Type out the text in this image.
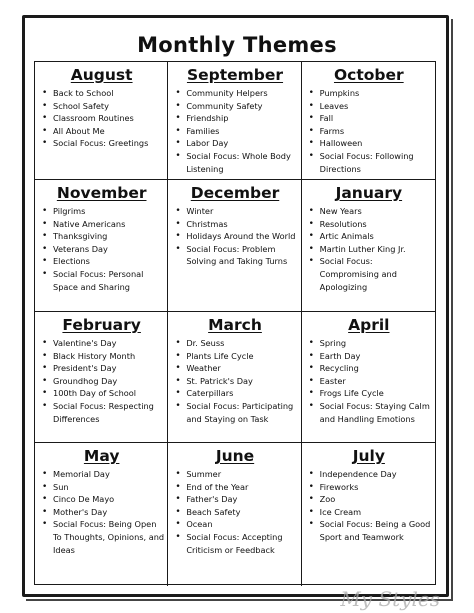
Monthly Themes
August
• Back to School
• School Safety
• Classroom Routines
• All About Me
• Social Focus: Greetings
September
• Community Helpers
• Community Safety
• Friendship
• Families
• Labor Day
• Social Focus: Whole Body Listening
October
• Pumpkins
• Leaves
• Fall
• Farms
• Halloween
• Social Focus: Following Directions
November
• Pilgrims
• Native Americans
• Thanksgiving
• Veterans Day
• Elections
• Social Focus: Personal Space and Sharing
December
• Winter
• Christmas
• Holidays Around the World
• Social Focus: Problem Solving and Taking Turns
January
• New Years
• Resolutions
• Artic Animals
• Martin Luther King Jr.
• Social Focus: Compromising and Apologizing
February
• Valentine's Day
• Black History Month
• President's Day
• Groundhog Day
• 100th Day of School
• Social Focus: Respecting Differences
March
• Dr. Seuss
• Plants Life Cycle
• Weather
• St. Patrick's Day
• Caterpillars
• Social Focus: Participating and Staying on Task
April
• Spring
• Earth Day
• Recycling
• Easter
• Frogs Life Cycle
• Social Focus: Staying Calm and Handling Emotions
May
• Memorial Day
• Sun
• Cinco De Mayo
• Mother's Day
• Social Focus: Being Open To Thoughts, Opinions, and Ideas
June
• Summer
• End of the Year
• Father's Day
• Beach Safety
• Ocean
• Social Focus: Accepting Criticism or Feedback
July
• Independence Day
• Fireworks
• Zoo
• Ice Cream
• Social Focus: Being a Good Sport and Teamwork
My Styles
